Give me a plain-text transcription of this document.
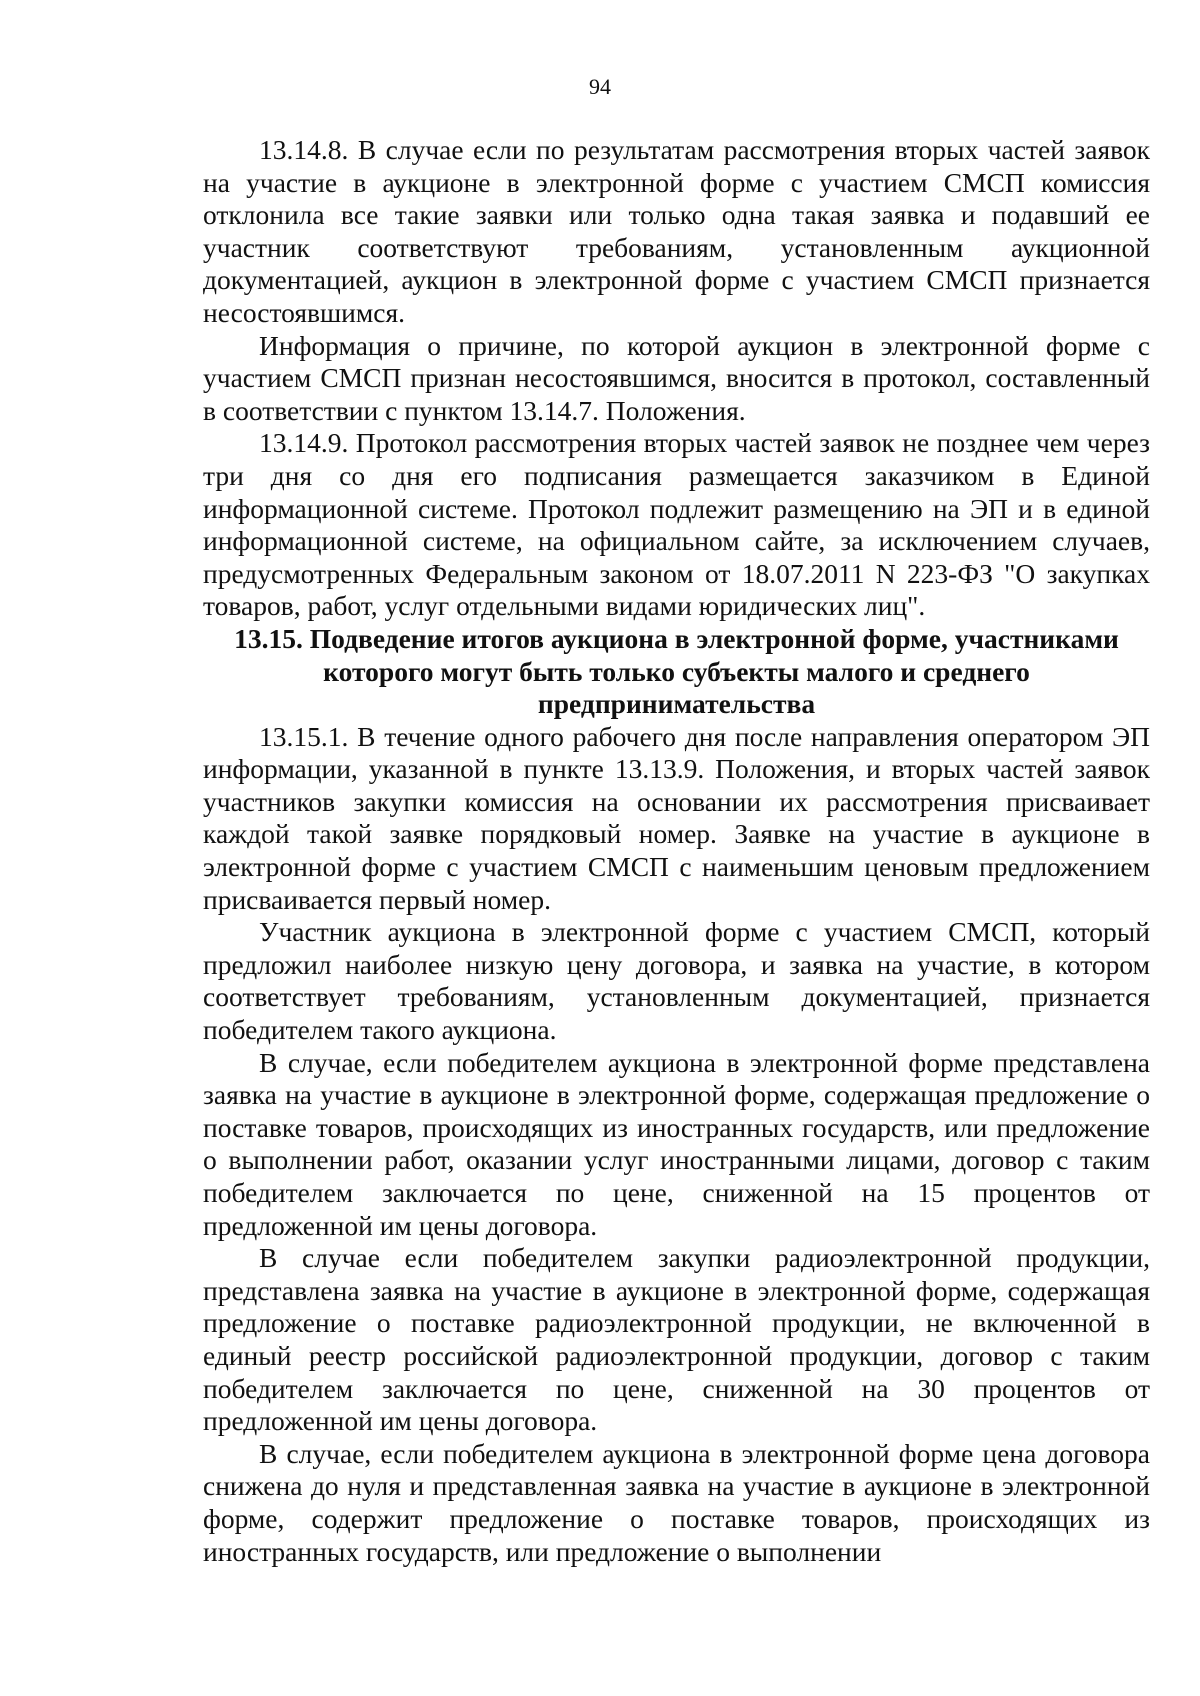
94

13.14.8. В случае если по результатам рассмотрения вторых частей заявок на участие в аукционе в электронной форме с участием СМСП комиссия отклонила все такие заявки или только одна такая заявка и подавший ее участник соответствуют требованиям, установленным аукционной документацией, аукцион в электронной форме с участием СМСП признается несостоявшимся.

Информация о причине, по которой аукцион в электронной форме с участием СМСП признан несостоявшимся, вносится в протокол, составленный в соответствии с пунктом 13.14.7. Положения.

13.14.9. Протокол рассмотрения вторых частей заявок не позднее чем через три дня со дня его подписания размещается заказчиком в Единой информационной системе. Протокол подлежит размещению на ЭП и в единой информационной системе, на официальном сайте, за исключением случаев, предусмотренных Федеральным законом от 18.07.2011 N 223-ФЗ "О закупках товаров, работ, услуг отдельными видами юридических лиц".

13.15. Подведение итогов аукциона в электронной форме, участниками которого могут быть только субъекты малого и среднего предпринимательства

13.15.1. В течение одного рабочего дня после направления оператором ЭП информации, указанной в пункте 13.13.9. Положения, и вторых частей заявок участников закупки комиссия на основании их рассмотрения присваивает каждой такой заявке порядковый номер. Заявке на участие в аукционе в электронной форме с участием СМСП с наименьшим ценовым предложением присваивается первый номер.

Участник аукциона в электронной форме с участием СМСП, который предложил наиболее низкую цену договора, и заявка на участие, в котором соответствует требованиям, установленным документацией, признается победителем такого аукциона.

В случае, если победителем аукциона в электронной форме представлена заявка на участие в аукционе в электронной форме, содержащая предложение о поставке товаров, происходящих из иностранных государств, или предложение о выполнении работ, оказании услуг иностранными лицами, договор с таким победителем заключается по цене, сниженной на 15 процентов от предложенной им цены договора.

В случае если победителем закупки радиоэлектронной продукции, представлена заявка на участие в аукционе в электронной форме, содержащая предложение о поставке радиоэлектронной продукции, не включенной в единый реестр российской радиоэлектронной продукции, договор с таким победителем заключается по цене, сниженной на 30 процентов от предложенной им цены договора.

В случае, если победителем аукциона в электронной форме цена договора снижена до нуля и представленная заявка на участие в аукционе в электронной форме, содержит предложение о поставке товаров, происходящих из иностранных государств, или предложение о выполнении
